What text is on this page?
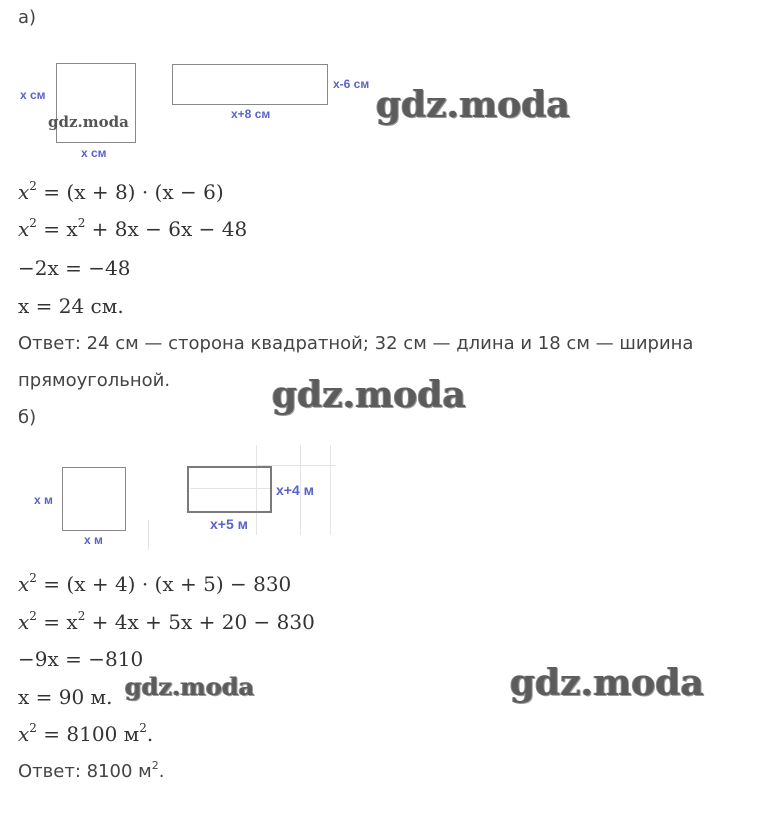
а)
x см
x см
x-6 см
x+8 см
$x^2 = (x + 8) \cdot (x - 6)$
$x^2 = x^2 + 8x - 6x - 48$
−2x = −48
x = 24 см.
Ответ: 24 см — сторона квадратной; 32 см — длина и 18 см — ширина
прямоугольной.
б)
x м
x м
x+4 м
x+5 м
$x^2 = (x + 4) \cdot (x + 5) - 830$
$x^2 = x^2 + 4x + 5x + 20 - 830$
−9x = −810
x = 90 м.
$x^2 = 8100$ $м^2$.
Ответ: 8100 $м^2$.
gdz.moda	gdz.moda
gdz.moda
gdz.moda	gdz.moda
